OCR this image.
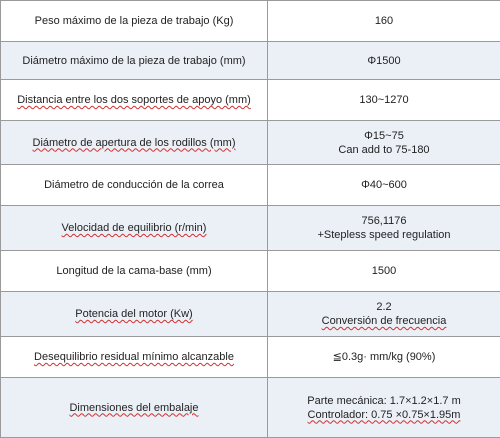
Peso máximo de la pieza de trabajo (Kg)	160

Diámetro máximo de la pieza de trabajo (mm)	Φ1500

Distancia entre los dos soportes de apoyo (mm)	130~1270

Diámetro de apertura de los rodillos (mm)	Φ15~75
Can add to 75-180

Diámetro de conducción de la correa	Φ40~600

Velocidad de equilibrio (r/min)	756,1176
+Stepless speed regulation

Longitud de la cama-base (mm)	1500

Potencia del motor (Kw)	2.2
Conversión de frecuencia

Desequilibrio residual mínimo alcanzable	≦0.3g· mm/kg (90%)

Dimensiones del embalaje	Parte mecánica: 1.7×1.2×1.7 m
Controlador: 0.75 ×0.75×1.95m
